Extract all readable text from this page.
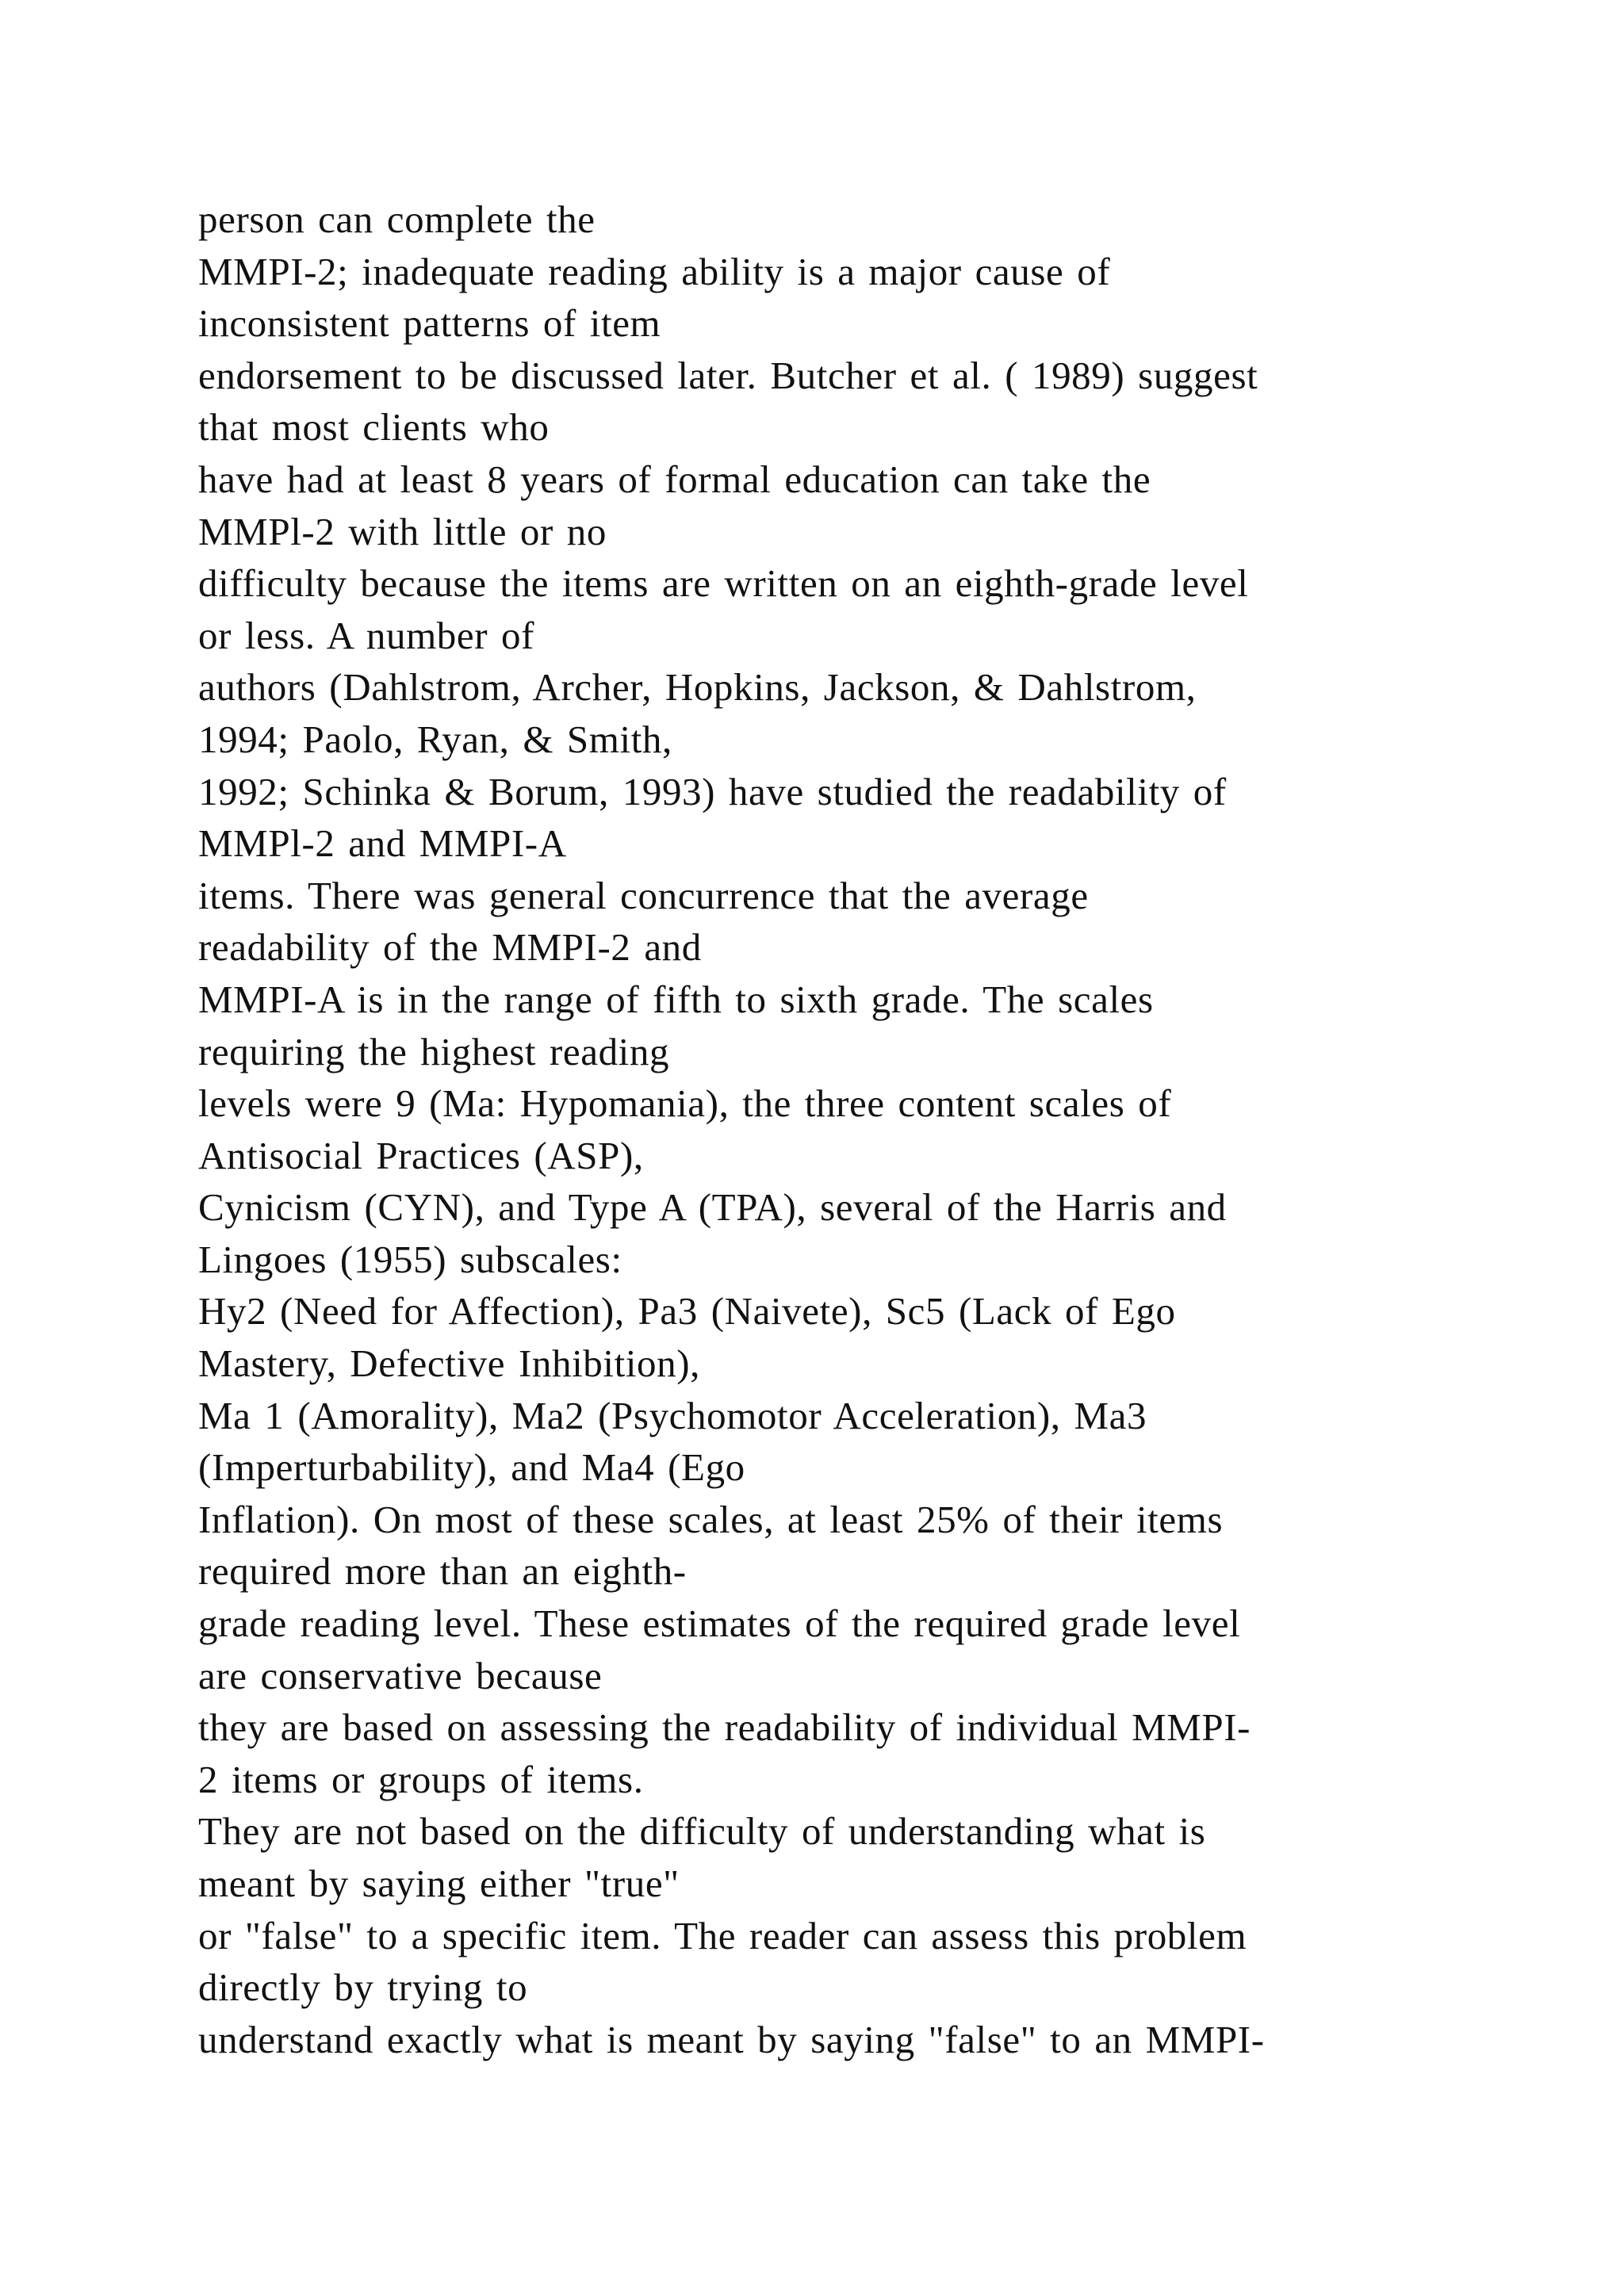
person can complete the
MMPI-2; inadequate reading ability is a major cause of
inconsistent patterns of item
endorsement to be discussed later. Butcher et al. ( 1989) suggest
that most clients who
have had at least 8 years of formal education can take the
MMPl-2 with little or no
difficulty because the items are written on an eighth-grade level
or less. A number of
authors (Dahlstrom, Archer, Hopkins, Jackson, & Dahlstrom,
1994; Paolo, Ryan, & Smith,
1992; Schinka & Borum, 1993) have studied the readability of
MMPl-2 and MMPI-A
items. There was general concurrence that the average
readability of the MMPI-2 and
MMPI-A is in the range of fifth to sixth grade. The scales
requiring the highest reading
levels were 9 (Ma: Hypomania), the three content scales of
Antisocial Practices (ASP),
Cynicism (CYN), and Type A (TPA), several of the Harris and
Lingoes (1955) subscales:
Hy2 (Need for Affection), Pa3 (Naivete), Sc5 (Lack of Ego
Mastery, Defective Inhibition),
Ma 1 (Amorality), Ma2 (Psychomotor Acceleration), Ma3
(Imperturbability), and Ma4 (Ego
Inflation). On most of these scales, at least 25% of their items
required more than an eighth-
grade reading level. These estimates of the required grade level
are conservative because
they are based on assessing the readability of individual MMPI-
2 items or groups of items.
They are not based on the difficulty of understanding what is
meant by saying either "true"
or "false" to a specific item. The reader can assess this problem
directly by trying to
understand exactly what is meant by saying "false" to an MMPI-
